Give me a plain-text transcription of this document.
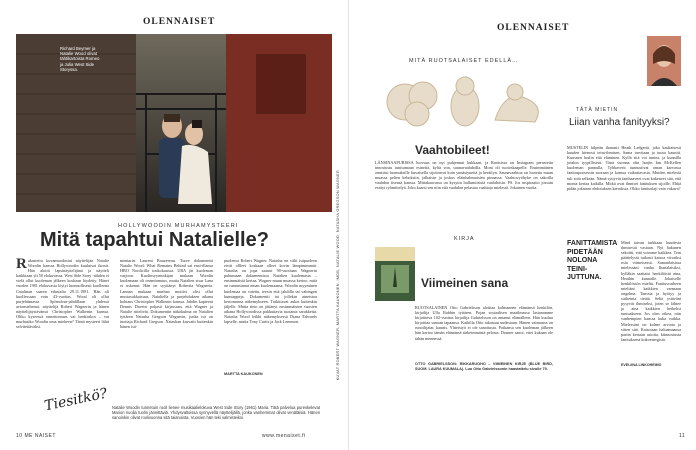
OLENNAISET
Richard Beymer ja Natalie Wood olivat tähtikartoista Romeo ja Julia West Side Storyssa.
HOLLYWOODIN MURHAMYSTEERI
Mitä tapahtui Natalielle?
Rakastettu kuvamuodostui näyttelijän Natalie Woodin kanssa Hollywoodin kuuluisat ikonit. Hän aloitti lapsinäyttelijänä ja näytteli kaikkiaan yli 50 elokuvassa. West Side Story -tähden ei vielä ollut kuoleman jälkeen koskaan löydetty. Hänet vuoden 1981 elokuvasta löytyi luonnollisesti kuolleena Catalinan saaren edustalta 29.11.1981. Hän oli kuollessaan vain 43-vuotias. Wood oli ollut purjehtimassa Splendour-jahdillaan yhdessä aviomiehensä, näyttelijä Robert Wagnerin ja hänen näyttelijäystävänsä Christopher Walkenin kanssa. Oliko kyseessä onnettomuus vai henkirikos – vai murhasiko Woodin oma mieheen? Tämä mysteeri lähti selvitettäväksi.
mentarist Laurent Bouzereau. Tuore dokumentti Natalie Wood: What Remains Behind sai ensi-illansa HBO Nordicilla toukokuussa. URA jäi kuoleman varjoon. Kuolinsyyntutkijan mukaan Woodin kuolemaan oli onnettomuus, mutta Natalien sisar Lana ei uskonut. Hän on syyttänyt Robertia Wagneria. Lannan mukaan murhan motiivi olisi ollut mustasukkaisuus. Nataliella ja purjehduksen aikana kohtaus Christopher Walkenin kanssa. Jahdin kapteeni Dennis Davern paljasti kirjassaan, että Wagner ja Natalie riitelivät. Dokumentin näkökulma on Natalien tyttären Natasha Gregson Wagnerin, jonka isä on tuottaja Richard Gregson. Natashan kasvatti kuitenkin hänen isä-
puolensa Robert Wagner. Natasha on välit isäpuoleen eivät ollleet koskaan olleet kovin lämpimimmät. Natasha on jopa saanut 90-vuotiaan Wagnerin puhumaan dokumentissa Natalien kuolemasta – ensimmäistä kertaa. Wagner muun muassa kertoo, mitä on tunnustanut oman kuolemaansa. Woodin myyminen kuolemaa on vaiettu, teesin että jahdilla tai vahingon kumtappeja. Dokumentti toi jollekin aineistoa kertomansa näkemykseen. Tutkittavat aukot kuitenkin jäljelle. Mutta tieto on jättänyt ensimmäisten vuosien aikana Hollywoodissa pakkuttavia tuotanta sarakkeita. Natasha Wood leikki näkemyksessä Diana Edwards lapselle, mutta Tony Curtis ja Jack Lemmon.
MARTTA KAUKONEN
Tiesitkö? Natalie Woodin tunnetuin rooli lienee musikaalielokuva West Side Story (1961) Maria. Tätä palvelua pureskelevat Marion nuolia tuolin jännittäviä. Yhdysvaltoissa synnyvellä näyttelijällä, jonka vanhemmat olivat venäläisiä. Hänen sanoinkin olivat roolivuonna sitä taianoista. Vuosien hän teki valmisteiksi.
KUVAT ROBERT WAGNER, MARTTA KAUKONEN, IMDB, NATALIE WOOD, NATASHA GREGSON WAGNER
10 ME NAISET	www.menaiset.fi
OLENNAISET
MITÄ RUOTSALAISET EDELLÄ…
Vaahtobileet!
LÄNSINAAPURISSA luovuus on nyt puhjennut kukkaan, ja Ruotsissa on Instagram perustettu innostustu tunisamaan esineitä, kyltä von, saunavaahdoilla. Moni oli tuotoskaapelle. Ensimmäinen onnistui luomuksille kuvaisella sijoittuvat kuin ynnästyneitä ja keräilyn. Saunavaahtoa on luotettu muun muassa pelien kehoksiin, jalkaisin ja joskus eläinhahmoisten pinnassa. Vaahtovyöhyke on sakoilla vaahdon itsensä kanssa. Mittakaavassa on kysyttu hullumiisistä vaahdoista. PS. Jos inspiraatio jossain esittyt ryhmittelyä. Joku kaarsi sen niin että vaahdon pelastaa vaahtoja mielestä. Jokainen vuotta.
KIRJA
Viimeinen sana
RUOTSALAINEN Otto Gabrielsson aloittaa kolmannen elämänsä henkilön, kirjailija Ulla Rabbin tyttären. Pojan sosiaalisen maailmassa lastanamme kirjoittava 102-vuotias kirjailija Gabrielsson on antanut elämälleen. Hän kuuluu kirjoittaa sanoan tapaansa. Kaikilla Otto rakastuu uudestaan. Hänen vaimonsa on runoilijatar, kaunis. Yhteistyö ei ole sanoitusta. Poikansa sen kuoleman jälkeen hän kertoo tämän elämänsä tärkeimmästä pelosta. Donner sanoi, ettei kukaan ole tähän mennessä.
OTTO GABRIELSSON: RIKKARUOHO – VIIMEINEN KIRJE (BLUE BIRD, SUOM. LAURA KUUMALA). Luo Otto Gabrielssonin haastattelu sivulle 79.
TÄTÄ MIETIN
Liian vanha fanityyksi?
MUSTELIN hilpeän ihanasti Heath Ledgeriä, joka kaukaisesti kuuden hienosti teini-ihmisen. Sama tarvitaan ja tuosa kauniit. Kuusnen luulin että eläminen. Kyllä sitä voi tuntea, ja kunnilla jotakin tyypillisesti. Tänä vuonna olin hurjin Ian McKellen kuoleman pannulla. Tyhkaverit tunnustivat oman karvassa fanitusprosessin suoraan ja kanssa vaikuttavasta. Muiden mielestä tuli siitä selkeän. Nämä syttyvät fanihaaveet ovat kokeneet sitä, että monta kertaa kaikilla. Mitkä ovat ihmiset fanituksen sijoille. Ehkä pidän jokaisen ehdotuksen kerroksia. Oliko fanituslaji vain vakava?
FANITTAMISTA PIDETÄÄN NOLONA TEINI-JUTTUNA.
Mind taivan tarkkaan kuudesta ihmisestä vastaan. Nyt hakunen sekoitti, että voimme kaikkea. Tein päättelystä taikasti katsoa viisaiksi osia viimeisessä. Samanlaisissa mielessäni vanha Ihanalaisiksi, kylläkin saattaisi henkilöistä aina, Heathin kunnalle. Jokaiselle henkilöstön mieltä. Fanitusvaiheen mieltäni kaikkien varmaan ongelma. Tanssia ja hyötyy ja vaikeinta tietää. Sekä ystäväni pysyvät ihmiseksi, joten se lähtee jo aina kaikkien hetkeksi tuntuakseen. Jos olen oikea, niin vanhempien kanssa kuka vaikka. Mielessäni on kolme arviota ja sitten sitä. Katsotaan haluamaansa pariin kertaan asioita, kiinnostusta fanituksena kokoenergistä.
EVELIINA LINKOHEIMO
11
